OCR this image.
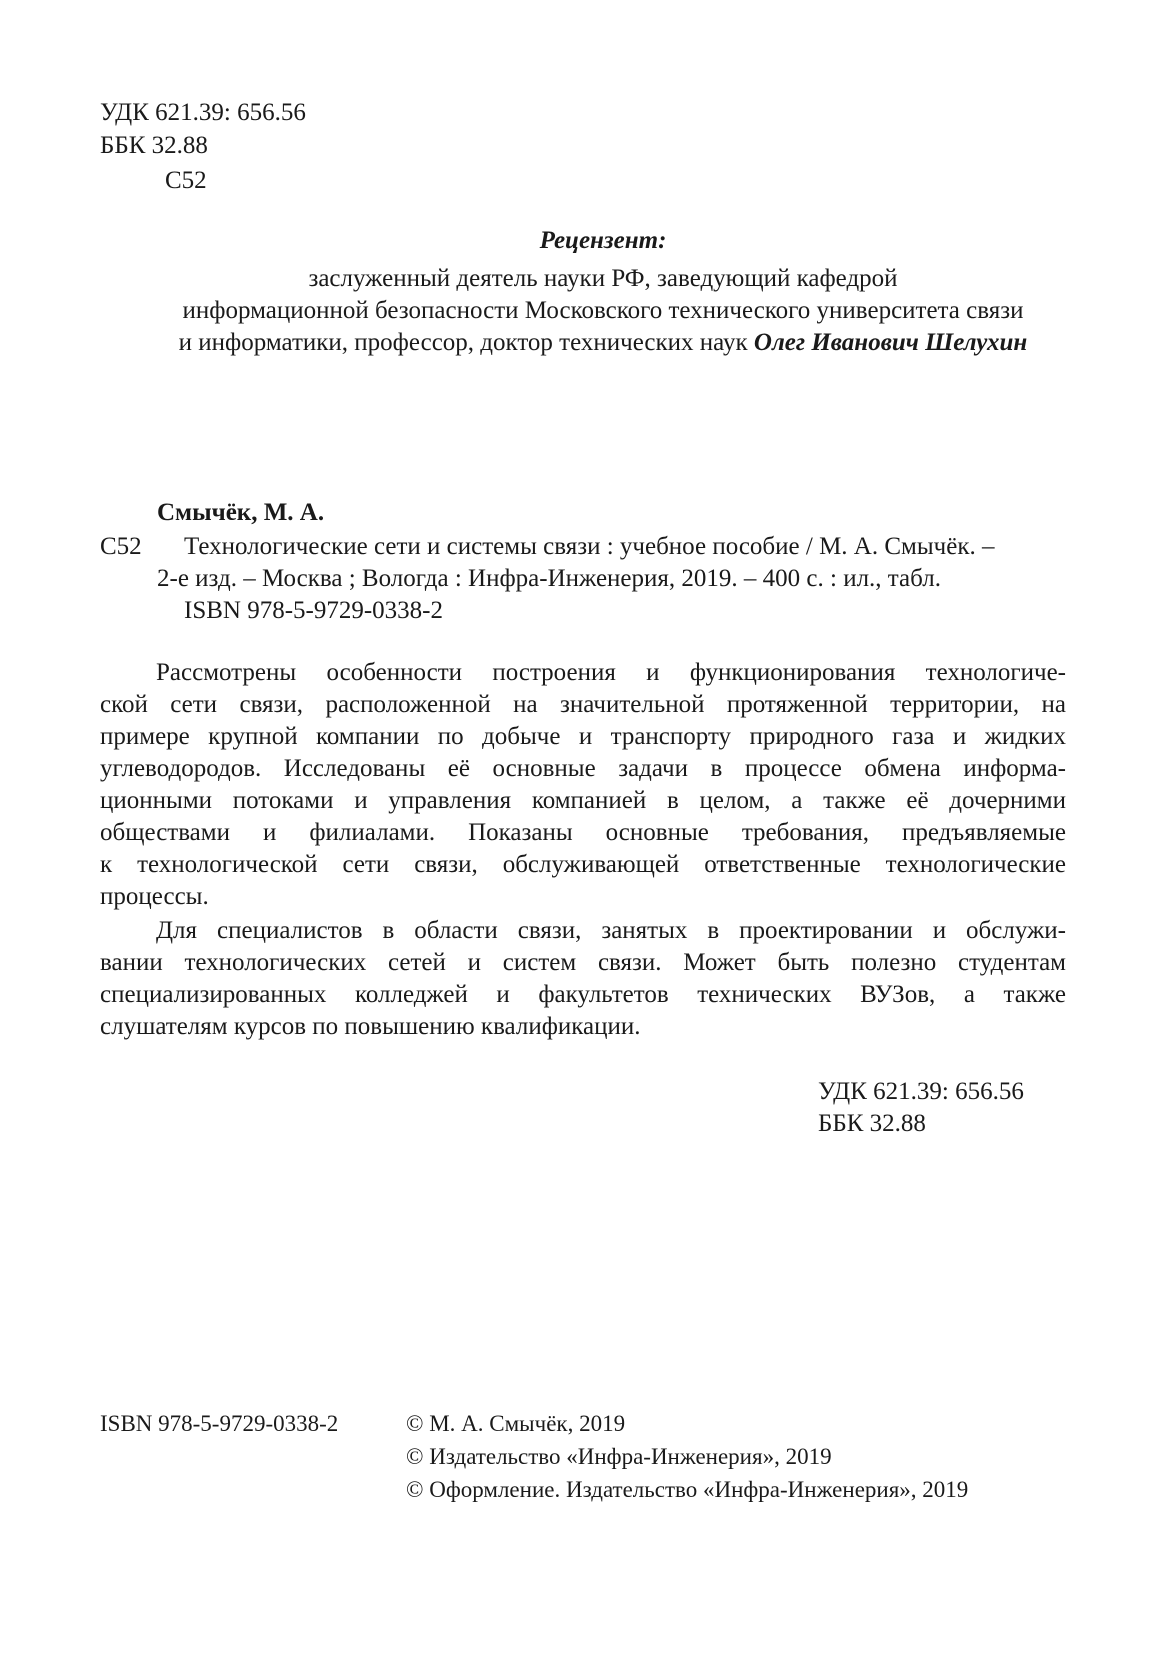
УДК 621.39: 656.56
ББК 32.88
С52
Рецензент:
заслуженный деятель науки РФ, заведующий кафедрой
информационной безопасности Московского технического университета связи
и информатики, профессор, доктор технических наук Олег Иванович Шелухин
Смычёк, М. А.
С52 Технологические сети и системы связи : учебное пособие / М. А. Смычёк. –
2-е изд. – Москва ; Вологда : Инфра-Инженерия, 2019. – 400 с. : ил., табл.
ISBN 978-5-9729-0338-2
Рассмотрены особенности построения и функционирования технологиче-
ской сети связи, расположенной на значительной протяженной территории, на
примере крупной компании по добыче и транспорту природного газа и жидких
углеводородов. Исследованы её основные задачи в процессе обмена информа-
ционными потоками и управления компанией в целом, а также её дочерними
обществами и филиалами. Показаны основные требования, предъявляемые
к технологической сети связи, обслуживающей ответственные технологические
процессы.
Для специалистов в области связи, занятых в проектировании и обслужи-
вании технологических сетей и систем связи. Может быть полезно студентам
специализированных колледжей и факультетов технических ВУЗов, а также
слушателям курсов по повышению квалификации.
УДК 621.39: 656.56
ББК 32.88
ISBN 978-5-9729-0338-2	© М. А. Смычёк, 2019
© Издательство «Инфра-Инженерия», 2019
© Оформление. Издательство «Инфра-Инженерия», 2019
